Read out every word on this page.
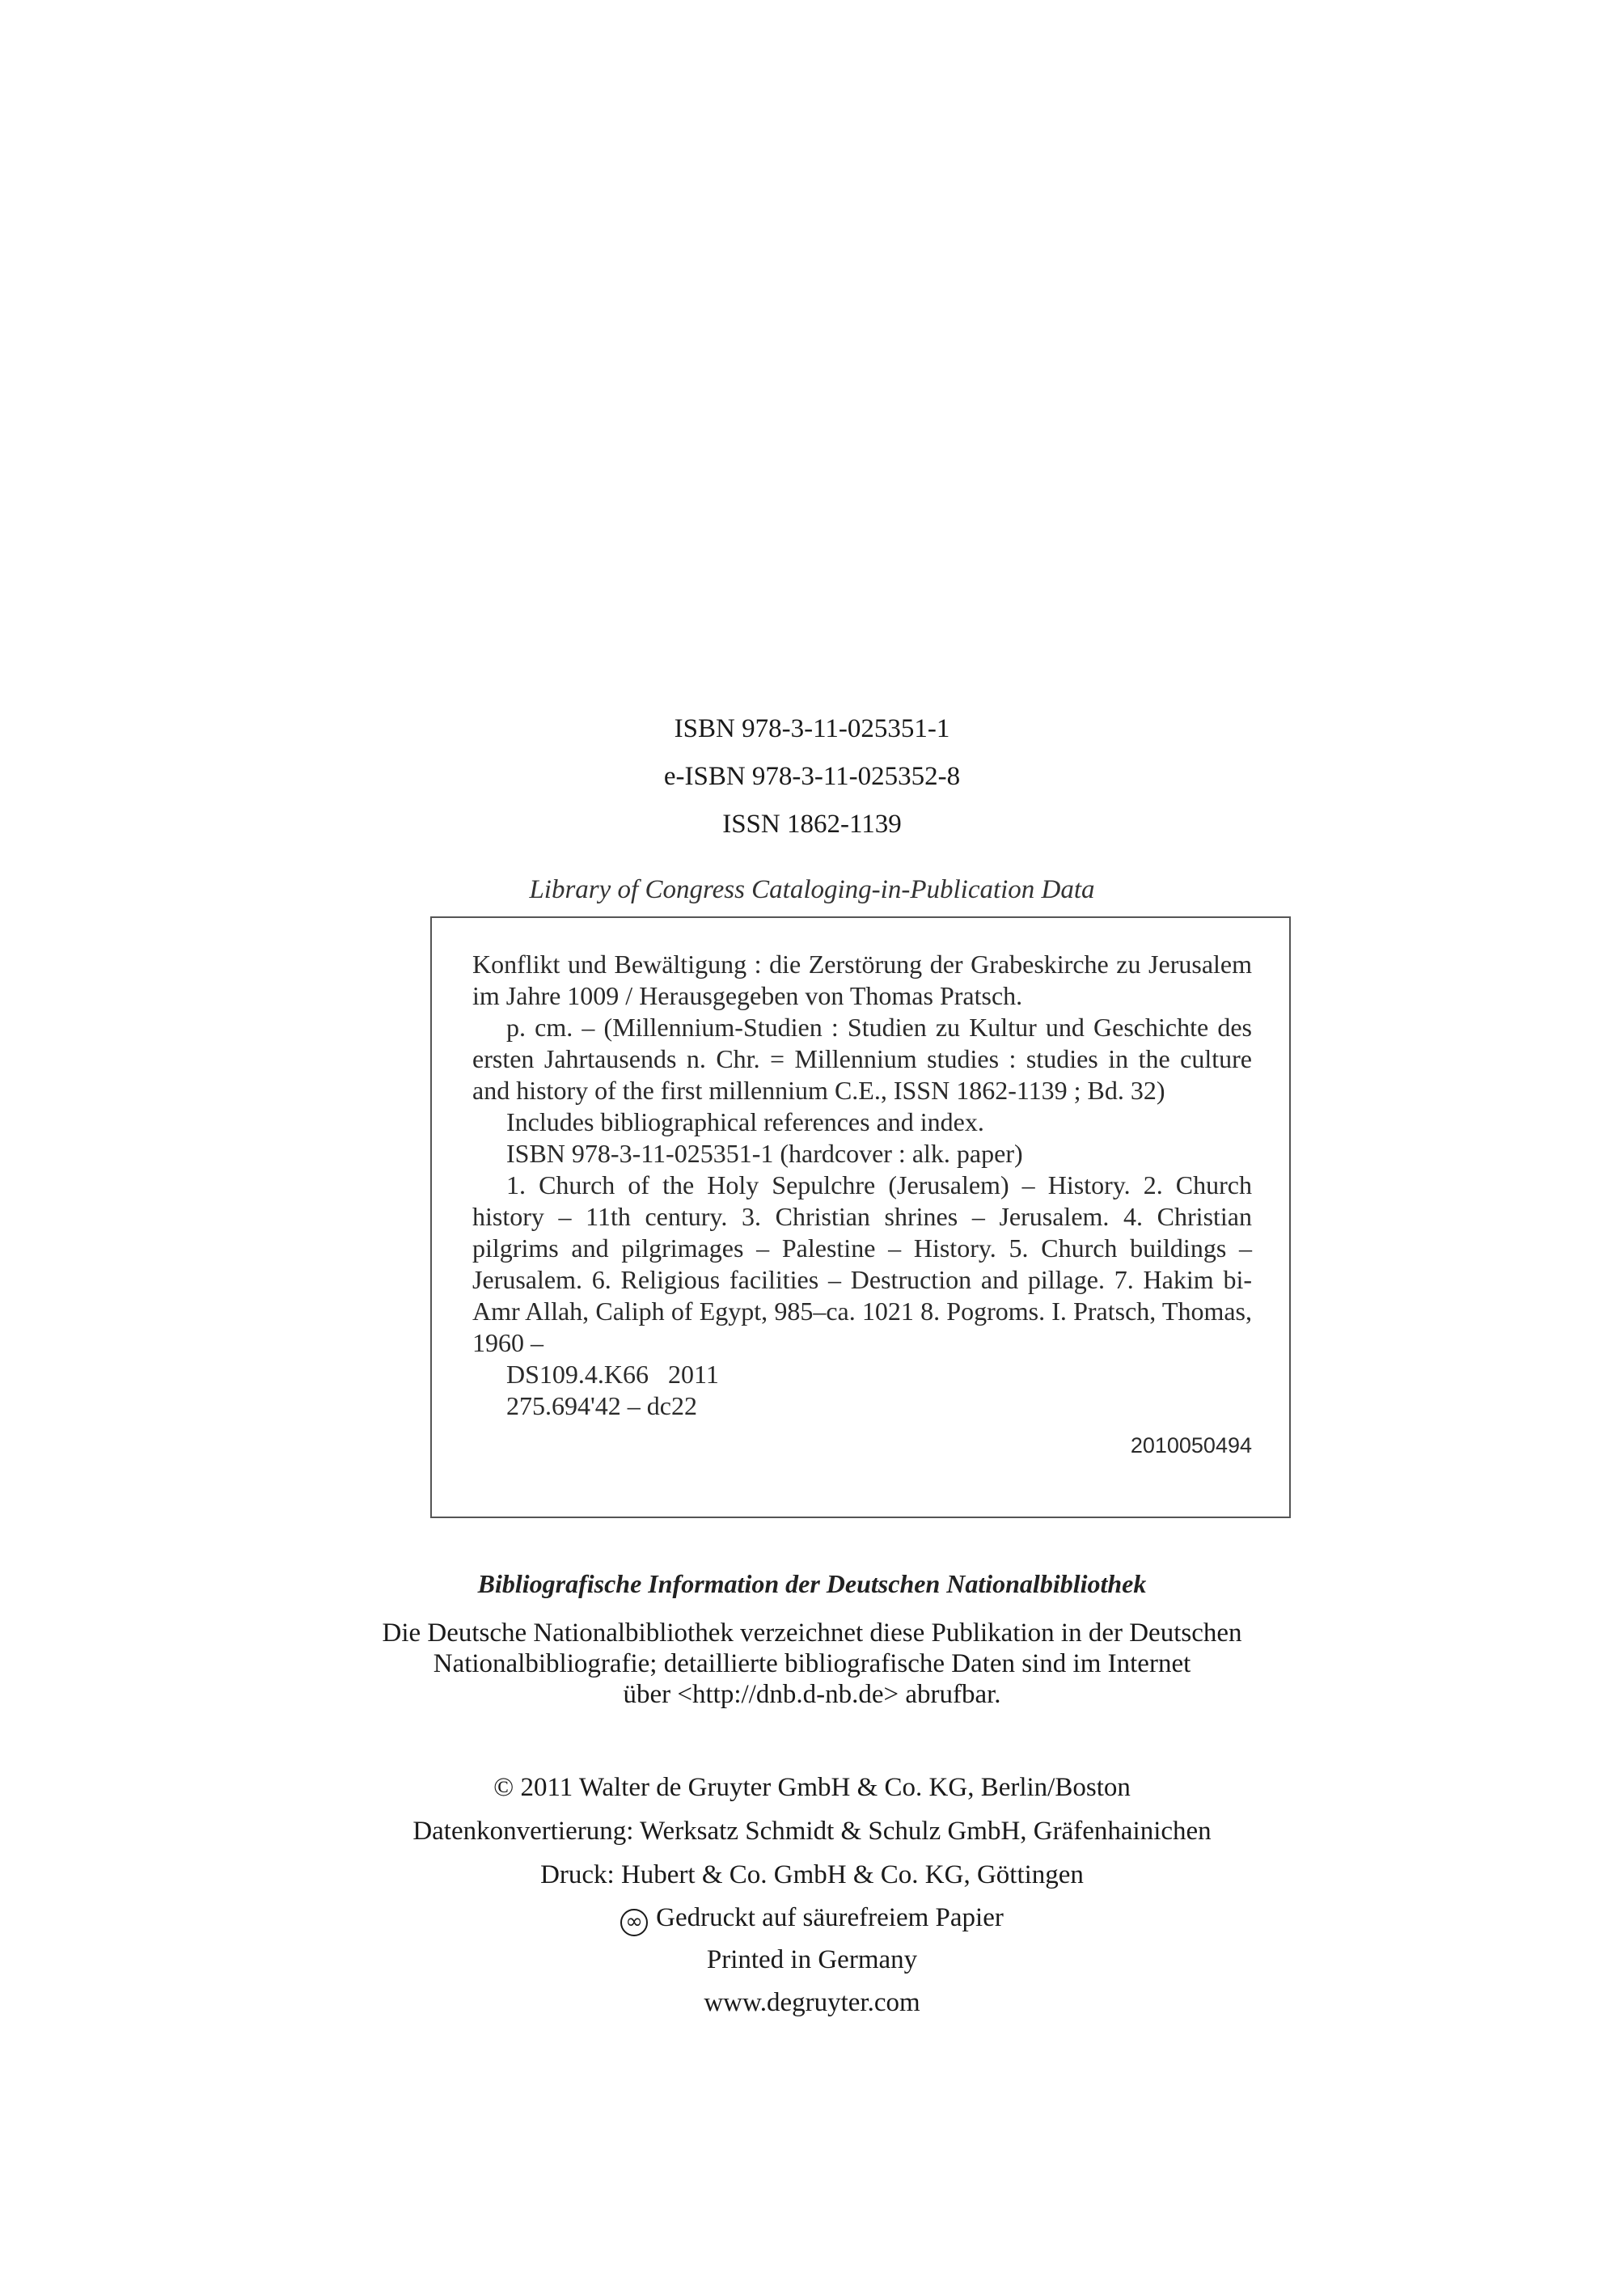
ISBN 978-3-11-025351-1
e-ISBN 978-3-11-025352-8
ISSN 1862-1139
Library of Congress Cataloging-in-Publication Data
Konflikt und Bewältigung : die Zerstörung der Grabeskirche zu Jerusalem im Jahre 1009 / Herausgegeben von Thomas Pratsch.
p. cm. – (Millennium-Studien : Studien zu Kultur und Geschichte des ersten Jahrtausends n. Chr. = Millennium studies : studies in the culture and history of the first millennium C.E., ISSN 1862-1139 ; Bd. 32)
Includes bibliographical references and index.
ISBN 978-3-11-025351-1 (hardcover : alk. paper)
1. Church of the Holy Sepulchre (Jerusalem) – History. 2. Church history – 11th century. 3. Christian shrines – Jerusalem. 4. Christian pilgrims and pilgrimages – Palestine – History. 5. Church buildings – Jerusalem. 6. Religious facilities – Destruction and pillage. 7. Hakim bi-Amr Allah, Caliph of Egypt, 985–ca. 1021 8. Pogroms. I. Pratsch, Thomas, 1960 –
DS109.4.K66   2011
275.694'42 – dc22
2010050494
Bibliografische Information der Deutschen Nationalbibliothek
Die Deutsche Nationalbibliothek verzeichnet diese Publikation in der Deutschen
Nationalbibliografie; detaillierte bibliografische Daten sind im Internet
über <http://dnb.d-nb.de> abrufbar.
© 2011 Walter de Gruyter GmbH & Co. KG, Berlin/Boston
Datenkonvertierung: Werksatz Schmidt & Schulz GmbH, Gräfenhainichen
Druck: Hubert & Co. GmbH & Co. KG, Göttingen
∞ Gedruckt auf säurefreiem Papier
Printed in Germany
www.degruyter.com
